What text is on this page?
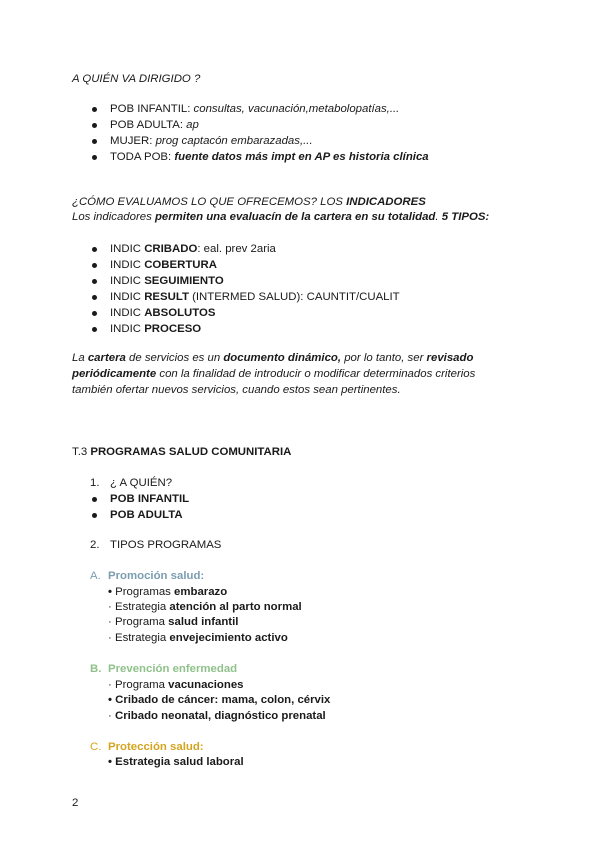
A QUIÉN VA DIRIGIDO ?
POB INFANTIL: consultas, vacunación,metabolopatías,...
POB ADULTA: ap
MUJER: prog captacón embarazadas,...
TODA POB: fuente datos más impt en AP es historia clínica
¿CÓMO EVALUAMOS LO QUE OFRECEMOS? LOS INDICADORES
Los indicadores permiten una evaluacín de la cartera en su totalidad. 5 TIPOS:
INDIC CRIBADO: eal. prev 2aria
INDIC COBERTURA
INDIC SEGUIMIENTO
INDIC RESULT (INTERMED SALUD): CAUNTIT/CUALIT
INDIC ABSOLUTOS
INDIC PROCESO
La cartera de servicios es un documento dinámico, por lo tanto, ser revisado
periódicamente con la finalidad de introducir o modificar determinados criterios
también ofertar nuevos servicios, cuando estos sean pertinentes.
T.3 PROGRAMAS SALUD COMUNITARIA
1. ¿ A QUIÉN?
POB INFANTIL
POB ADULTA
2. TIPOS PROGRAMAS
A. Promoción salud:
• Programas embarazo
· Estrategia atención al parto normal
· Programa salud infantil
· Estrategia envejecimiento activo
B. Prevención enfermedad
· Programa vacunaciones
• Cribado de cáncer: mama, colon, cérvix
· Cribado neonatal, diagnóstico prenatal
C. Protección salud:
• Estrategia salud laboral
2
